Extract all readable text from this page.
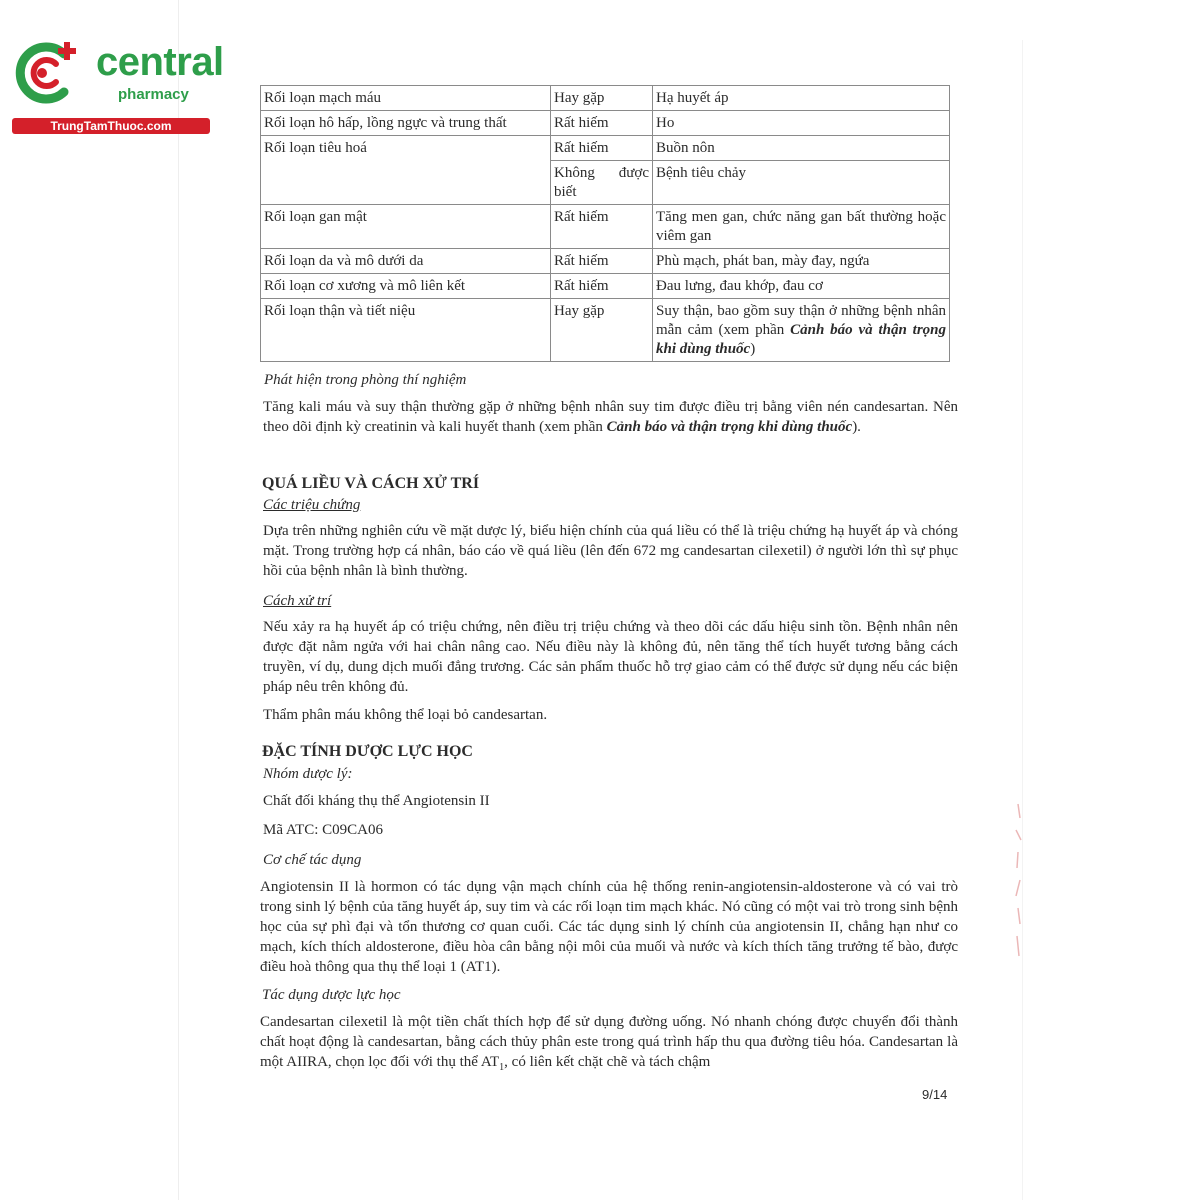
central
pharmacy
TrungTamThuoc.com
Rối loạn mạch máu	Hay gặp	Hạ huyết áp
Rối loạn hô hấp, lồng ngực và trung thất	Rất hiếm	Ho
Rối loạn tiêu hoá	Rất hiếm	Buồn nôn
	Không được biết	Bệnh tiêu chảy
Rối loạn gan mật	Rất hiếm	Tăng men gan, chức năng gan bất thường hoặc viêm gan
Rối loạn da và mô dưới da	Rất hiếm	Phù mạch, phát ban, mày đay, ngứa
Rối loạn cơ xương và mô liên kết	Rất hiếm	Đau lưng, đau khớp, đau cơ
Rối loạn thận và tiết niệu	Hay gặp	Suy thận, bao gồm suy thận ở những bệnh nhân mẫn cảm (xem phần Cảnh báo và thận trọng khi dùng thuốc)
Phát hiện trong phòng thí nghiệm
Tăng kali máu và suy thận thường gặp ở những bệnh nhân suy tim được điều trị bằng viên nén candesartan. Nên theo dõi định kỳ creatinin và kali huyết thanh (xem phần Cảnh báo và thận trọng khi dùng thuốc).
QUÁ LIỀU VÀ CÁCH XỬ TRÍ
Các triệu chứng
Dựa trên những nghiên cứu về mặt dược lý, biểu hiện chính của quá liều có thể là triệu chứng hạ huyết áp và chóng mặt. Trong trường hợp cá nhân, báo cáo về quá liều (lên đến 672 mg candesartan cilexetil) ở người lớn thì sự phục hồi của bệnh nhân là bình thường.
Cách xử trí
Nếu xảy ra hạ huyết áp có triệu chứng, nên điều trị triệu chứng và theo dõi các dấu hiệu sinh tồn. Bệnh nhân nên được đặt nằm ngửa với hai chân nâng cao. Nếu điều này là không đủ, nên tăng thể tích huyết tương bằng cách truyền, ví dụ, dung dịch muối đẳng trương. Các sản phẩm thuốc hỗ trợ giao cảm có thể được sử dụng nếu các biện pháp nêu trên không đủ.
Thẩm phân máu không thể loại bỏ candesartan.
ĐẶC TÍNH DƯỢC LỰC HỌC
Nhóm dược lý:
Chất đối kháng thụ thể Angiotensin II
Mã ATC: C09CA06
Cơ chế tác dụng
Angiotensin II là hormon có tác dụng vận mạch chính của hệ thống renin-angiotensin-aldosterone và có vai trò trong sinh lý bệnh của tăng huyết áp, suy tim và các rối loạn tim mạch khác. Nó cũng có một vai trò trong sinh bệnh học của sự phì đại và tổn thương cơ quan cuối. Các tác dụng sinh lý chính của angiotensin II, chẳng hạn như co mạch, kích thích aldosterone, điều hòa cân bằng nội môi của muối và nước và kích thích tăng trưởng tế bào, được điều hoà thông qua thụ thể loại 1 (AT1).
Tác dụng dược lực học
Candesartan cilexetil là một tiền chất thích hợp để sử dụng đường uống. Nó nhanh chóng được chuyển đổi thành chất hoạt động là candesartan, bằng cách thủy phân este trong quá trình hấp thu qua đường tiêu hóa. Candesartan là một AIIRA, chọn lọc đối với thụ thể $AT_1$, có liên kết chặt chẽ và tách chậm
9/14
